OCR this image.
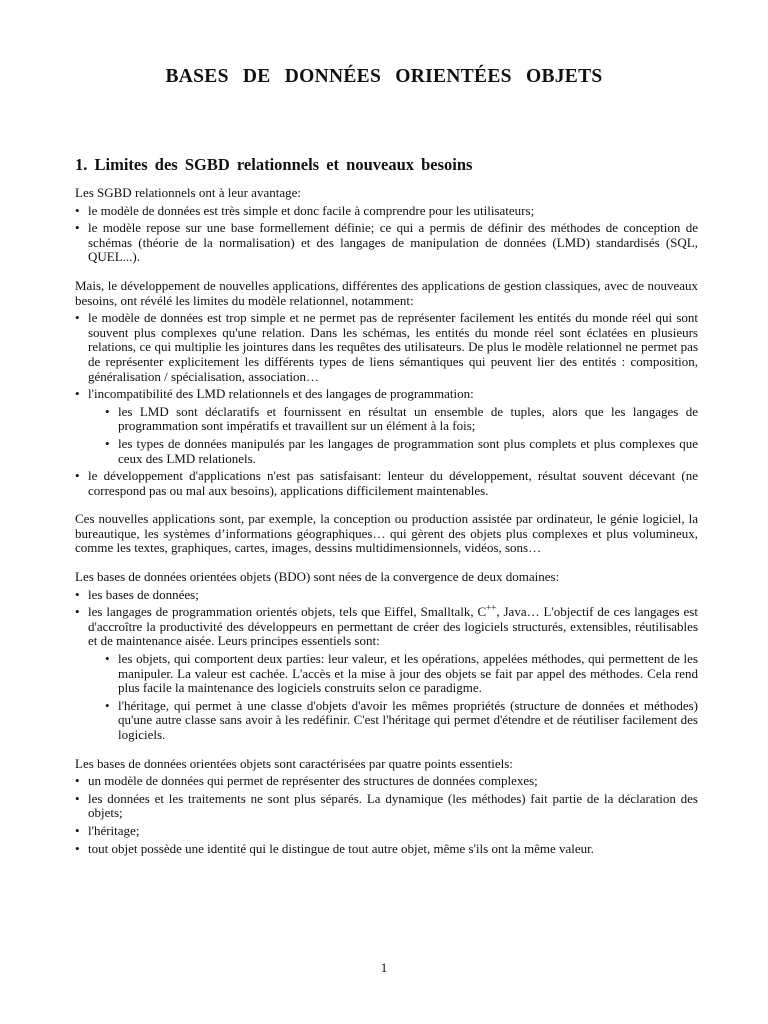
BASES DE DONNÉES ORIENTÉES OBJETS
1. Limites des SGBD relationnels et nouveaux besoins

Les SGBD relationnels ont à leur avantage:

• le modèle de données est très simple et donc facile à comprendre pour les utilisateurs;
• le modèle repose sur une base formellement définie; ce qui a permis de définir des méthodes de conception de schémas (théorie de la normalisation) et des langages de manipulation de données (LMD) standardisés (SQL, QUEL...).

Mais, le développement de nouvelles applications, différentes des applications de gestion classiques, avec de nouveaux besoins, ont révélé les limites du modèle relationnel, notamment:

• le modèle de données est trop simple et ne permet pas de représenter facilement les entités du monde réel qui sont souvent plus complexes qu'une relation. Dans les schémas, les entités du monde réel sont éclatées en plusieurs relations, ce qui multiplie les jointures dans les requêtes des utilisateurs. De plus le modèle relationnel ne permet pas de représenter explicitement les différents types de liens sémantiques qui peuvent lier des entités : composition, généralisation / spécialisation, association…
• l'incompatibilité des LMD relationnels et des langages de programmation:
• les LMD sont déclaratifs et fournissent en résultat un ensemble de tuples, alors que les langages de programmation sont impératifs et travaillent sur un élément à la fois;
• les types de données manipulés par les langages de programmation sont plus complets et plus complexes que ceux des LMD relationels.
• le développement d'applications n'est pas satisfaisant: lenteur du développement, résultat souvent décevant (ne correspond pas ou mal aux besoins), applications difficilement maintenables.

Ces nouvelles applications sont, par exemple, la conception ou production assistée par ordinateur, le génie logiciel, la bureautique, les systèmes d’informations géographiques… qui gèrent des objets plus complexes et plus volumineux, comme les textes, graphiques, cartes, images, dessins multidimensionnels, vidéos, sons…

Les bases de données orientées objets (BDO) sont nées de la convergence de deux domaines:

• les bases de données;
• les langages de programmation orientés objets, tels que Eiffel, Smalltalk, C++, Java… L'objectif de ces langages est d'accroître la productivité des développeurs en permettant de créer des logiciels structurés, extensibles, réutilisables et de maintenance aisée. Leurs principes essentiels sont:
• les objets, qui comportent deux parties: leur valeur, et les opérations, appelées méthodes, qui permettent de les manipuler. La valeur est cachée. L'accès et la mise à jour des objets se fait par appel des méthodes. Cela rend plus facile la maintenance des logiciels construits selon ce paradigme.
• l'héritage, qui permet à une classe d'objets d'avoir les mêmes propriétés (structure de données et méthodes) qu'une autre classe sans avoir à les redéfinir. C'est l'héritage qui permet d'étendre et de réutiliser facilement des logiciels.

Les bases de données orientées objets sont caractérisées par quatre points essentiels:

• un modèle de données qui permet de représenter des structures de données complexes;
• les données et les traitements ne sont plus séparés. La dynamique (les méthodes) fait partie de la déclaration des objets;
• l'héritage;
• tout objet possède une identité qui le distingue de tout autre objet, même s'ils ont la même valeur.
1
